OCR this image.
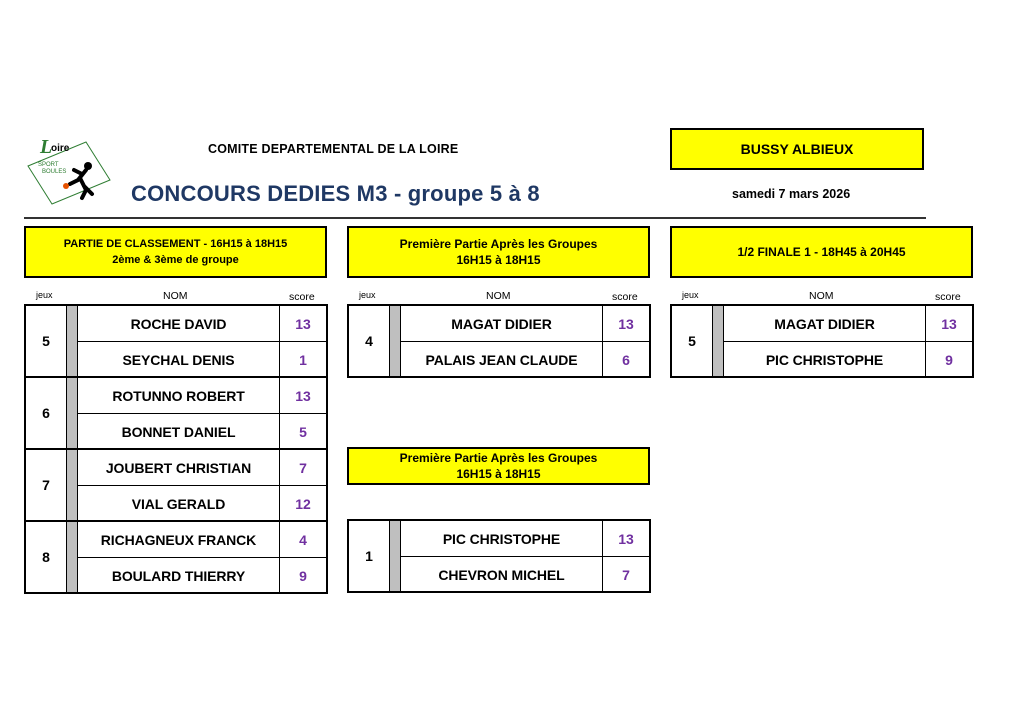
L
oire
SPORT
BOULES
COMITE DEPARTEMENTAL DE LA LOIRE
CONCOURS DEDIES M3 - groupe 5 à 8
BUSSY ALBIEUX
samedi 7 mars 2026
PARTIE DE CLASSEMENT - 16H15 à 18H15
2ème & 3ème de groupe
Première Partie Après les Groupes
16H15 à 18H15
1/2 FINALE 1 - 18H45 à 20H45
Première Partie Après les Groupes
16H15 à 18H15
jeux	NOM	score	jeux	NOM	score	jeux	NOM	score
5
ROCHE DAVID	13
SEYCHAL DENIS	1
6
ROTUNNO ROBERT	13
BONNET DANIEL	5
7
JOUBERT CHRISTIAN	7
VIAL GERALD	12
8
RICHAGNEUX FRANCK	4
BOULARD THIERRY	9
4
MAGAT DIDIER	13
PALAIS JEAN CLAUDE	6
5
MAGAT DIDIER	13
PIC CHRISTOPHE	9
1
PIC CHRISTOPHE	13
CHEVRON MICHEL	7
